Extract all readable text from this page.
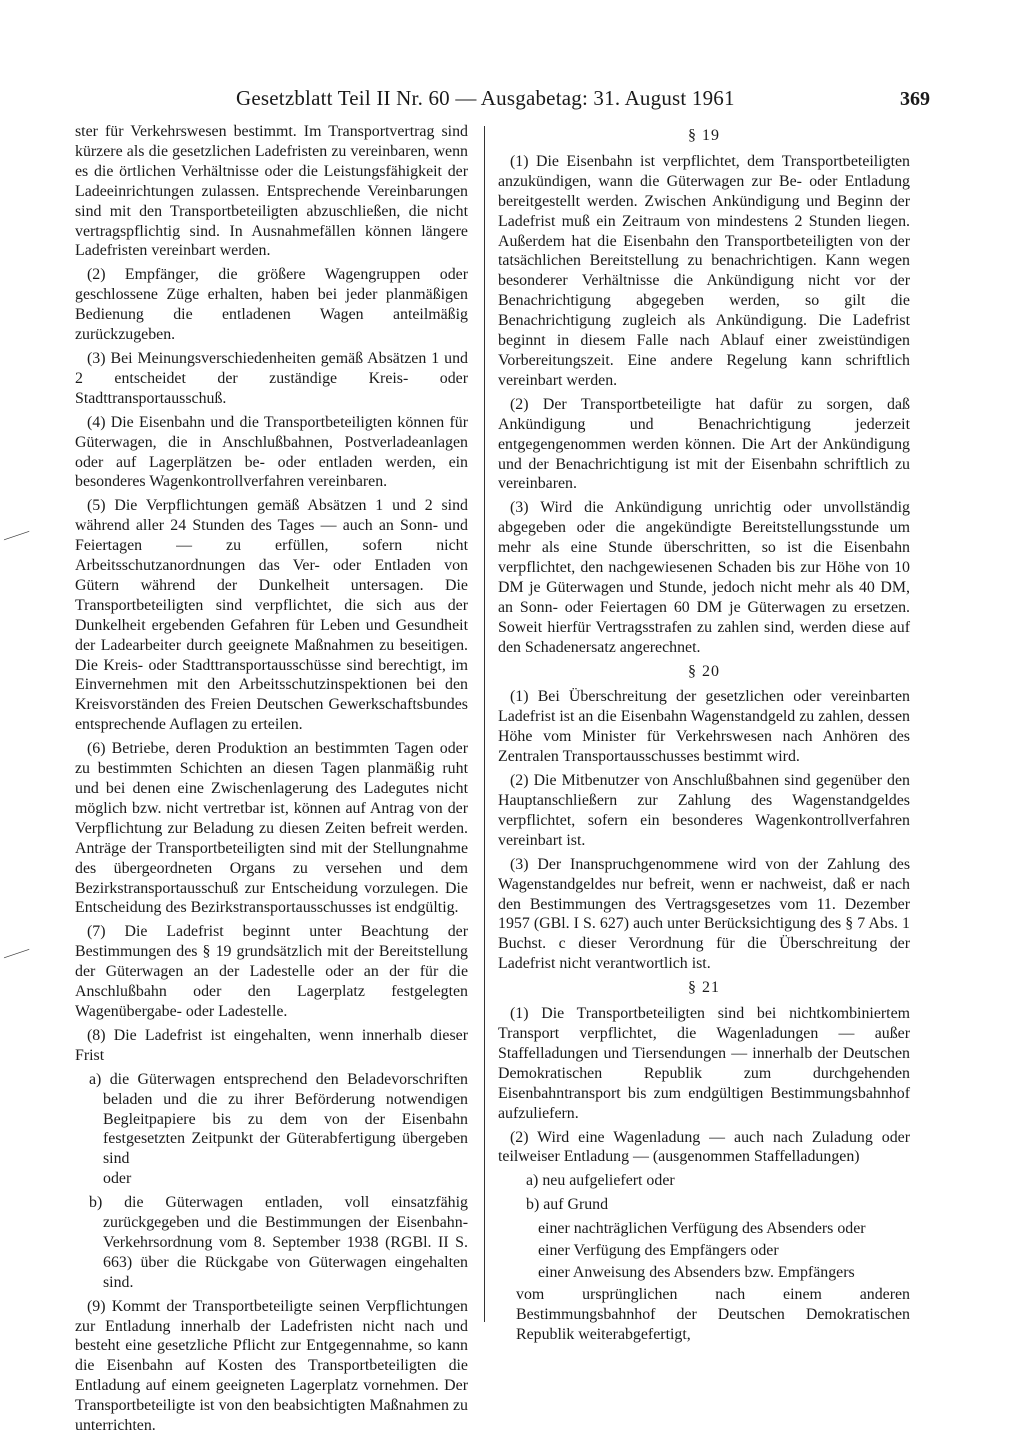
Gesetzblatt Teil II Nr. 60 — Ausgabetag: 31. August 1961	369

ster für Verkehrswesen bestimmt. Im Transportvertrag sind kürzere als die gesetzlichen Ladefristen zu vereinbaren, wenn es die örtlichen Verhältnisse oder die Leistungsfähigkeit der Ladeeinrichtungen zulassen. Entsprechende Vereinbarungen sind mit den Transportbeteiligten abzuschließen, die nicht vertragspflichtig sind. In Ausnahmefällen können längere Ladefristen vereinbart werden.

(2) Empfänger, die größere Wagengruppen oder geschlossene Züge erhalten, haben bei jeder planmäßigen Bedienung die entladenen Wagen anteilmäßig zurückzugeben.

(3) Bei Meinungsverschiedenheiten gemäß Absätzen 1 und 2 entscheidet der zuständige Kreis- oder Stadttransportausschuß.

(4) Die Eisenbahn und die Transportbeteiligten können für Güterwagen, die in Anschlußbahnen, Postverladeanlagen oder auf Lagerplätzen be- oder entladen werden, ein besonderes Wagenkontrollverfahren vereinbaren.

(5) Die Verpflichtungen gemäß Absätzen 1 und 2 sind während aller 24 Stunden des Tages — auch an Sonn- und Feiertagen — zu erfüllen, sofern nicht Arbeitsschutzanordnungen das Ver- oder Entladen von Gütern während der Dunkelheit untersagen. Die Transportbeteiligten sind verpflichtet, die sich aus der Dunkelheit ergebenden Gefahren für Leben und Gesundheit der Ladearbeiter durch geeignete Maßnahmen zu beseitigen. Die Kreis- oder Stadttransportausschüsse sind berechtigt, im Einvernehmen mit den Arbeitsschutzinspektionen bei den Kreisvorständen des Freien Deutschen Gewerkschaftsbundes entsprechende Auflagen zu erteilen.

(6) Betriebe, deren Produktion an bestimmten Tagen oder zu bestimmten Schichten an diesen Tagen planmäßig ruht und bei denen eine Zwischenlagerung des Ladegutes nicht möglich bzw. nicht vertretbar ist, können auf Antrag von der Verpflichtung zur Beladung zu diesen Zeiten befreit werden. Anträge der Transportbeteiligten sind mit der Stellungnahme des übergeordneten Organs zu versehen und dem Bezirkstransportausschuß zur Entscheidung vorzulegen. Die Entscheidung des Bezirkstransportausschusses ist endgültig.

(7) Die Ladefrist beginnt unter Beachtung der Bestimmungen des § 19 grundsätzlich mit der Bereitstellung der Güterwagen an der Ladestelle oder an der für die Anschlußbahn oder den Lagerplatz festgelegten Wagenübergabe- oder Ladestelle.

(8) Die Ladefrist ist eingehalten, wenn innerhalb dieser Frist

a) die Güterwagen entsprechend den Beladevorschriften beladen und die zu ihrer Beförderung notwendigen Begleitpapiere bis zu dem von der Eisenbahn festgesetzten Zeitpunkt der Güterabfertigung übergeben sind

oder

b) die Güterwagen entladen, voll einsatzfähig zurückgegeben und die Bestimmungen der Eisenbahn-Verkehrsordnung vom 8. September 1938 (RGBl. II S. 663) über die Rückgabe von Güterwagen eingehalten sind.

(9) Kommt der Transportbeteiligte seinen Verpflichtungen zur Entladung innerhalb der Ladefristen nicht nach und besteht eine gesetzliche Pflicht zur Entgegennahme, so kann die Eisenbahn auf Kosten des Transportbeteiligten die Entladung auf einem geeigneten Lagerplatz vornehmen. Der Transportbeteiligte ist von den beabsichtigten Maßnahmen zu unterrichten.

§ 19

(1) Die Eisenbahn ist verpflichtet, dem Transportbeteiligten anzukündigen, wann die Güterwagen zur Be- oder Entladung bereitgestellt werden. Zwischen Ankündigung und Beginn der Ladefrist muß ein Zeitraum von mindestens 2 Stunden liegen. Außerdem hat die Eisenbahn den Transportbeteiligten von der tatsächlichen Bereitstellung zu benachrichtigen. Kann wegen besonderer Verhältnisse die Ankündigung nicht vor der Benachrichtigung abgegeben werden, so gilt die Benachrichtigung zugleich als Ankündigung. Die Ladefrist beginnt in diesem Falle nach Ablauf einer zweistündigen Vorbereitungszeit. Eine andere Regelung kann schriftlich vereinbart werden.

(2) Der Transportbeteiligte hat dafür zu sorgen, daß Ankündigung und Benachrichtigung jederzeit entgegengenommen werden können. Die Art der Ankündigung und der Benachrichtigung ist mit der Eisenbahn schriftlich zu vereinbaren.

(3) Wird die Ankündigung unrichtig oder unvollständig abgegeben oder die angekündigte Bereitstellungsstunde um mehr als eine Stunde überschritten, so ist die Eisenbahn verpflichtet, den nachgewiesenen Schaden bis zur Höhe von 10 DM je Güterwagen und Stunde, jedoch nicht mehr als 40 DM, an Sonn- oder Feiertagen 60 DM je Güterwagen zu ersetzen. Soweit hierfür Vertragsstrafen zu zahlen sind, werden diese auf den Schadenersatz angerechnet.

§ 20

(1) Bei Überschreitung der gesetzlichen oder vereinbarten Ladefrist ist an die Eisenbahn Wagenstandgeld zu zahlen, dessen Höhe vom Minister für Verkehrswesen nach Anhören des Zentralen Transportausschusses bestimmt wird.

(2) Die Mitbenutzer von Anschlußbahnen sind gegenüber den Hauptanschließern zur Zahlung des Wagenstandgeldes verpflichtet, sofern ein besonderes Wagenkontrollverfahren vereinbart ist.

(3) Der Inanspruchgenommene wird von der Zahlung des Wagenstandgeldes nur befreit, wenn er nachweist, daß er nach den Bestimmungen des Vertragsgesetzes vom 11. Dezember 1957 (GBl. I S. 627) auch unter Berücksichtigung des § 7 Abs. 1 Buchst. c dieser Verordnung für die Überschreitung der Ladefrist nicht verantwortlich ist.

§ 21

(1) Die Transportbeteiligten sind bei nichtkombiniertem Transport verpflichtet, die Wagenladungen — außer Staffelladungen und Tiersendungen — innerhalb der Deutschen Demokratischen Republik zum durchgehenden Eisenbahntransport bis zum endgültigen Bestimmungsbahnhof aufzuliefern.

(2) Wird eine Wagenladung — auch nach Zuladung oder teilweiser Entladung — (ausgenommen Staffelladungen)

a) neu aufgeliefert oder

b) auf Grund

einer nachträglichen Verfügung des Absenders oder

einer Verfügung des Empfängers oder

einer Anweisung des Absenders bzw. Empfängers

vom ursprünglichen nach einem anderen Bestimmungsbahnhof der Deutschen Demokratischen Republik weiterabgefertigt,
